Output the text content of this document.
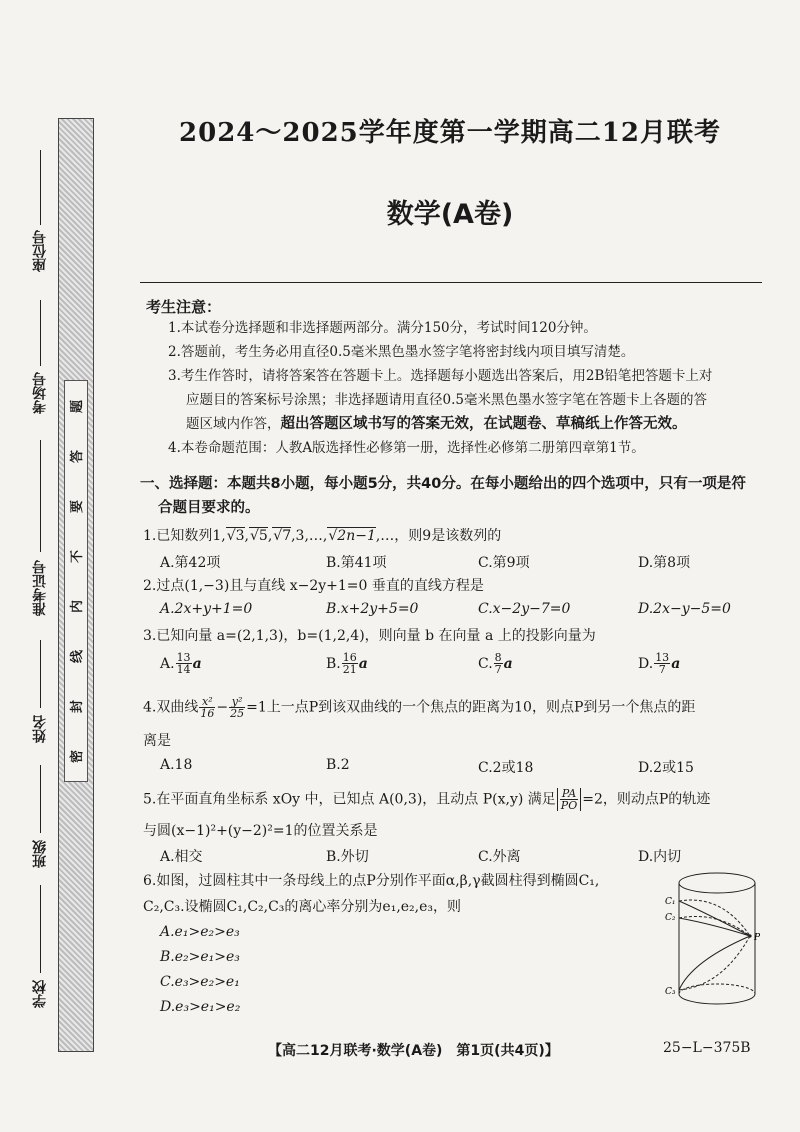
题
答
要
不
内
线
封
密
座位号
考场号
准考证号
姓名
班级
学校
2024～2025学年度第一学期高二12月联考
数学(A卷)
考生注意：
1.本试卷分选择题和非选择题两部分。满分150分，考试时间120分钟。
2.答题前，考生务必用直径0.5毫米黑色墨水签字笔将密封线内项目填写清楚。
3.考生作答时，请将答案答在答题卡上。选择题每小题选出答案后，用2B铅笔把答题卡上对
应题目的答案标号涂黑；非选择题请用直径0.5毫米黑色墨水签字笔在答题卡上各题的答
题区域内作答，超出答题区域书写的答案无效，在试题卷、草稿纸上作答无效。
4.本卷命题范围：人教A版选择性必修第一册，选择性必修第二册第四章第1节。
一、选择题：本题共8小题，每小题5分，共40分。在每小题给出的四个选项中，只有一项是符
合题目要求的。
1.已知数列1,√3,√5,√7,3,…,√2n−1,…，则9是该数列的
A.第42项	B.第41项	C.第9项	D.第8项
2.过点(1,−3)且与直线 x−2y+1=0 垂直的直线方程是
A.2x+y+1=0	B.x+2y+5=0	C.x−2y−7=0	D.2x−y−5=0
3.已知向量 a=(2,1,3)，b=(1,2,4)，则向量 b 在向量 a 上的投影向量为
A. $\frac{13}{14}$ a	B. $\frac{16}{21}$ a	C. $\frac{8}{7}$ a	D. $\frac{13}{7}$ a
4.双曲线 $\frac{\text{x²}}{16} - \frac{\text{y²}}{25} =1$上一点P到该双曲线的一个焦点的距离为10，则点P到另一个焦点的距
离是
A.18	B.2	C.2或18	D.2或15
5.在平面直角坐标系 xOy 中，已知点 A(0,3)，且动点 P(x,y) 满足 $\frac{PA}{PO} =2$，则动点P的轨迹
与圆(x−1)²+(y−2)²=1的位置关系是
A.相交	B.外切	C.外离	D.内切
6.如图，过圆柱其中一条母线上的点P分别作平面α,β,γ截圆柱得到椭圆C₁,
C₂,C₃.设椭圆C₁,C₂,C₃的离心率分别为e₁,e₂,e₃，则
A.e₁>e₂>e₃
B.e₂>e₁>e₃
C.e₃>e₂>e₁
D.e₃>e₁>e₂
C₁
C₂
C₃
P
【高二12月联考·数学(A卷)　第1页(共4页)】	25−L−375B
